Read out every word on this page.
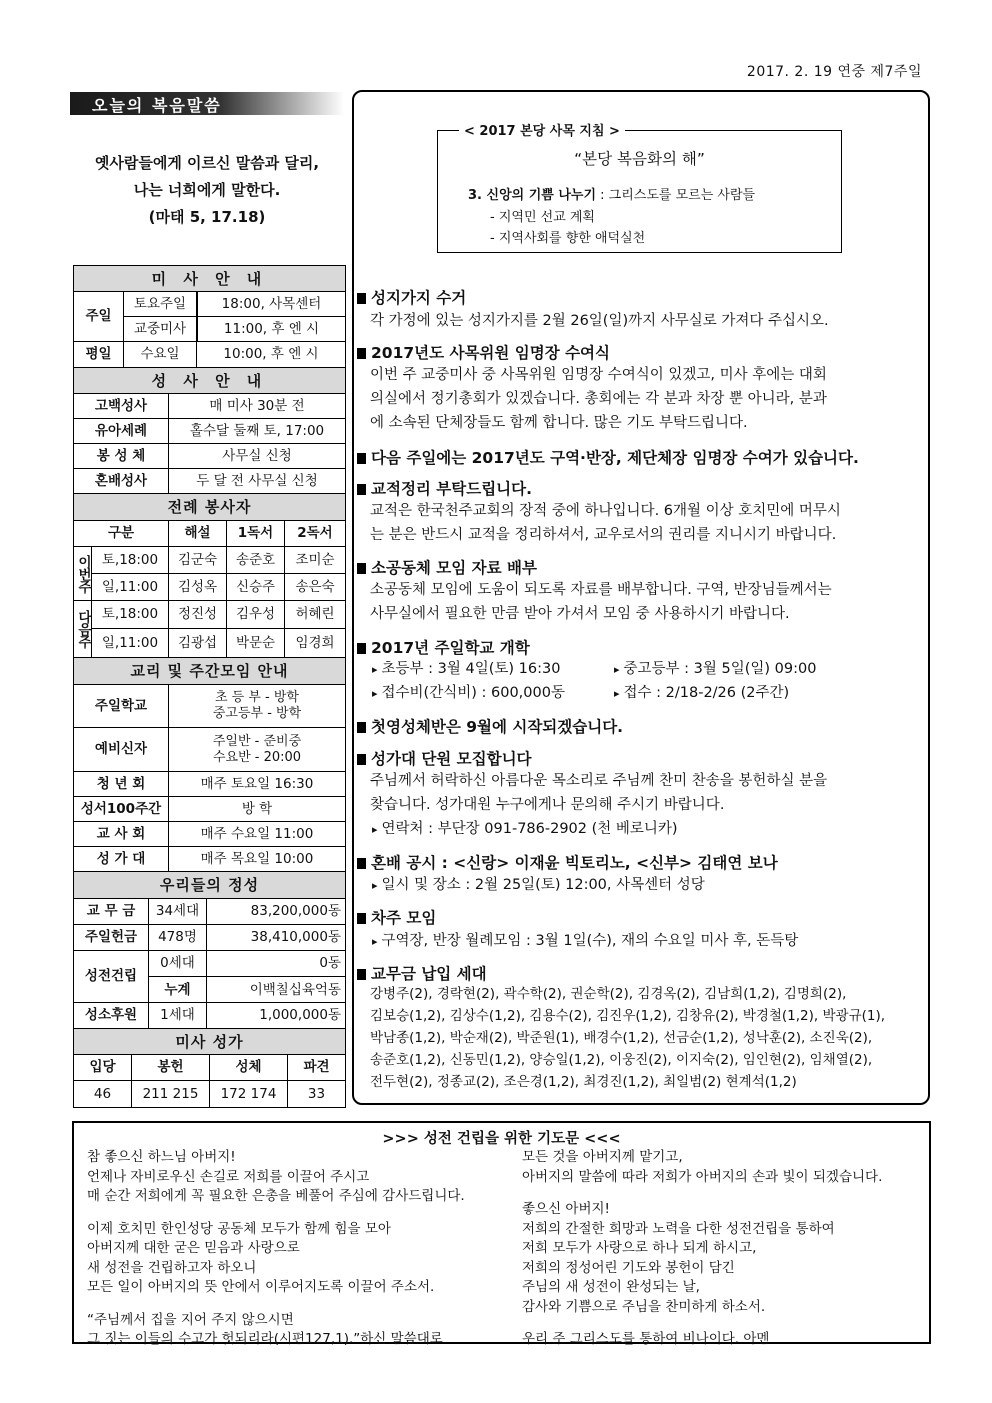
2017. 2. 19 연중 제7주일
오늘의 복음말씀
옛사람들에게 이르신 말씀과 달리,
나는 너희에게 말한다.
(마태 5, 17.18)
미 사 안 내
주일
토요주일	18:00, 사목센터
교중미사	11:00, 후 엔 시
평일	수요일	10:00, 후 엔 시
성 사 안 내
고백성사	매 미사 30분 전
유아세례	홀수달 둘째 토, 17:00
봉 성 체	사무실 신청
혼배성사	두 달 전 사무실 신청
전례 봉사자
구분	해설	1독서	2독서
이번주 토,18:00	김군숙	송준호	조미순
일,11:00	김성옥	신승주	송은숙
다음주 토,18:00	정진성	김우성	허혜린
일,11:00	김광섭	박문순	임경희
교리 및 주간모임 안내
주일학교	초 등 부 - 방학
중고등부 - 방학
예비신자	주일반 - 준비중
수요반 - 20:00
청 년 회	매주 토요일 16:30
성서100주간	방 학
교 사 회	매주 수요일 11:00
성 가 대	매주 목요일 10:00
우리들의 정성
교 무 금	34세대	83,200,000동
주일헌금	478명	38,410,000동
성전건립
0세대	0동
누계	이백칠십육억동
성소후원	1세대	1,000,000동
미사 성가
입당	봉헌	성체	파견
46	211 215	172 174	33
< 2017 본당 사목 지침 >
“본당 복음화의 해”
3. 신앙의 기쁨 나누기 : 그리스도를 모르는 사람들
- 지역민 선교 계획
- 지역사회를 향한 애덕실천
성지가지 수거
각 가정에 있는 성지가지를 2월 26일(일)까지 사무실로 가져다 주십시오.
2017년도 사목위원 임명장 수여식
이번 주 교중미사 중 사목위원 임명장 수여식이 있겠고, 미사 후에는 대회
의실에서 정기총회가 있겠습니다. 총회에는 각 분과 차장 뿐 아니라, 분과
에 소속된 단체장들도 함께 합니다. 많은 기도 부탁드립니다.
다음 주일에는 2017년도 구역·반장, 제단체장 임명장 수여가 있습니다.
교적정리 부탁드립니다.
교적은 한국천주교회의 장적 중에 하나입니다. 6개월 이상 호치민에 머무시
는 분은 반드시 교적을 정리하셔서, 교우로서의 권리를 지니시기 바랍니다.
소공동체 모임 자료 배부
소공동체 모임에 도움이 되도록 자료를 배부합니다. 구역, 반장님들께서는
사무실에서 필요한 만큼 받아 가셔서 모임 중 사용하시기 바랍니다.
2017년 주일학교 개학
▸ 초등부 : 3월 4일(토) 16:30	▸ 중고등부 : 3월 5일(일) 09:00
▸ 접수비(간식비) : 600,000동	▸ 접수 : 2/18-2/26 (2주간)
첫영성체반은 9월에 시작되겠습니다.
성가대 단원 모집합니다
주님께서 허락하신 아름다운 목소리로 주님께 찬미 찬송을 봉헌하실 분을
찾습니다. 성가대원 누구에게나 문의해 주시기 바랍니다.
▸ 연락처 : 부단장 091-786-2902 (천 베로니카)
혼배 공시 : <신랑> 이재윤 빅토리노, <신부> 김태연 보나
▸ 일시 및 장소 : 2월 25일(토) 12:00, 사목센터 성당
차주 모임
▸ 구역장, 반장 월례모임 : 3월 1일(수), 재의 수요일 미사 후, 돈득탕
교무금 납입 세대
강병주(2), 경락현(2), 곽수학(2), 권순학(2), 김경옥(2), 김남희(1,2), 김명희(2),
김보승(1,2), 김상수(1,2), 김용수(2), 김진우(1,2), 김창유(2), 박경철(1,2), 박광규(1),
박남종(1,2), 박순재(2), 박준원(1), 배경수(1,2), 선금순(1,2), 성낙훈(2), 소진욱(2),
송준호(1,2), 신동민(1,2), 양승일(1,2), 이웅진(2), 이지숙(2), 임인현(2), 임채열(2),
전두현(2), 정종교(2), 조은경(1,2), 최경진(1,2), 최일범(2) 현계석(1,2)
>>> 성전 건립을 위한 기도문 <<<
참 좋으신 하느님 아버지!
언제나 자비로우신 손길로 저희를 이끌어 주시고
매 순간 저희에게 꼭 필요한 은총을 베풀어 주심에 감사드립니다.
이제 호치민 한인성당 공동체 모두가 함께 힘을 모아
아버지께 대한 굳은 믿음과 사랑으로
새 성전을 건립하고자 하오니
모든 일이 아버지의 뜻 안에서 이루어지도록 이끌어 주소서.
“주님께서 집을 지어 주지 않으시면
그 짓는 이들의 수고가 헛되리라(시편127,1).”하신 말씀대로
모든 것을 아버지께 맡기고,
아버지의 말씀에 따라 저희가 아버지의 손과 빛이 되겠습니다.
좋으신 아버지!
저희의 간절한 희망과 노력을 다한 성전건립을 통하여
저희 모두가 사랑으로 하나 되게 하시고,
저희의 정성어린 기도와 봉헌이 담긴
주님의 새 성전이 완성되는 날,
감사와 기쁨으로 주님을 찬미하게 하소서.
우리 주 그리스도를 통하여 비나이다. 아멘
